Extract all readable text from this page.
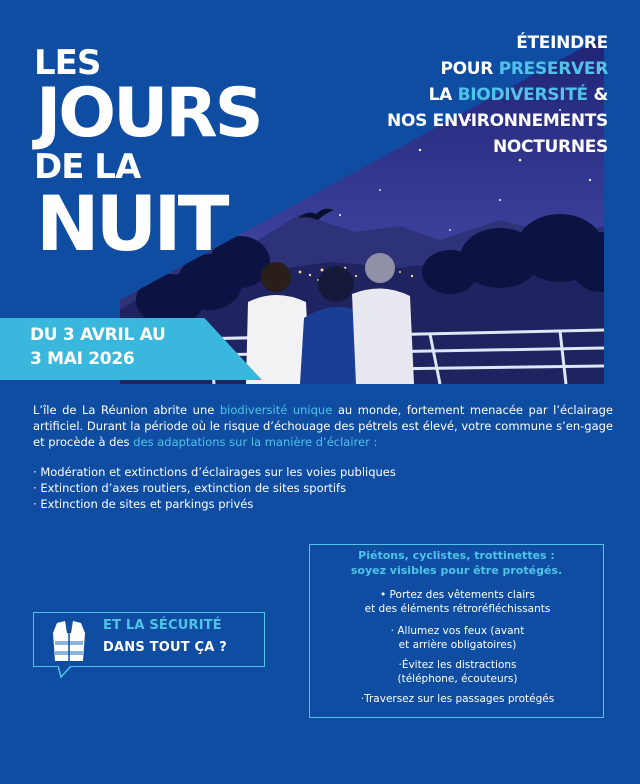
LES
JOURS
DE LA
NUIT
ÉTEINDRE
POUR PRESERVER
LA BIODIVERSITÉ &
NOS ENVIRONNEMENTS
NOCTURNES
DU 3 AVRIL AU
3 MAI 2026

L’île de La Réunion abrite une biodiversité unique au monde, fortement menacée par l’éclairage artificiel. Durant la période où le risque d’échouage des pétrels est élevé, votre commune s’en-gage et procède à des des adaptations sur la manière d’éclairer :

· Modération et extinctions d’éclairages sur les voies publiques
· Extinction d’axes routiers, extinction de sites sportifs
· Extinction de sites et parkings privés
Piétons, cyclistes, trottinettes :
soyez visibles pour être protégés.
• Portez des vêtements clairs
et des éléments rétroréfléchissants
· Allumez vos feux (avant
et arrière obligatoires)
·Évitez les distractions
(téléphone, écouteurs)
·Traversez sur les passages protégés
ET LA SÉCURITÉ
DANS TOUT ÇA ?
